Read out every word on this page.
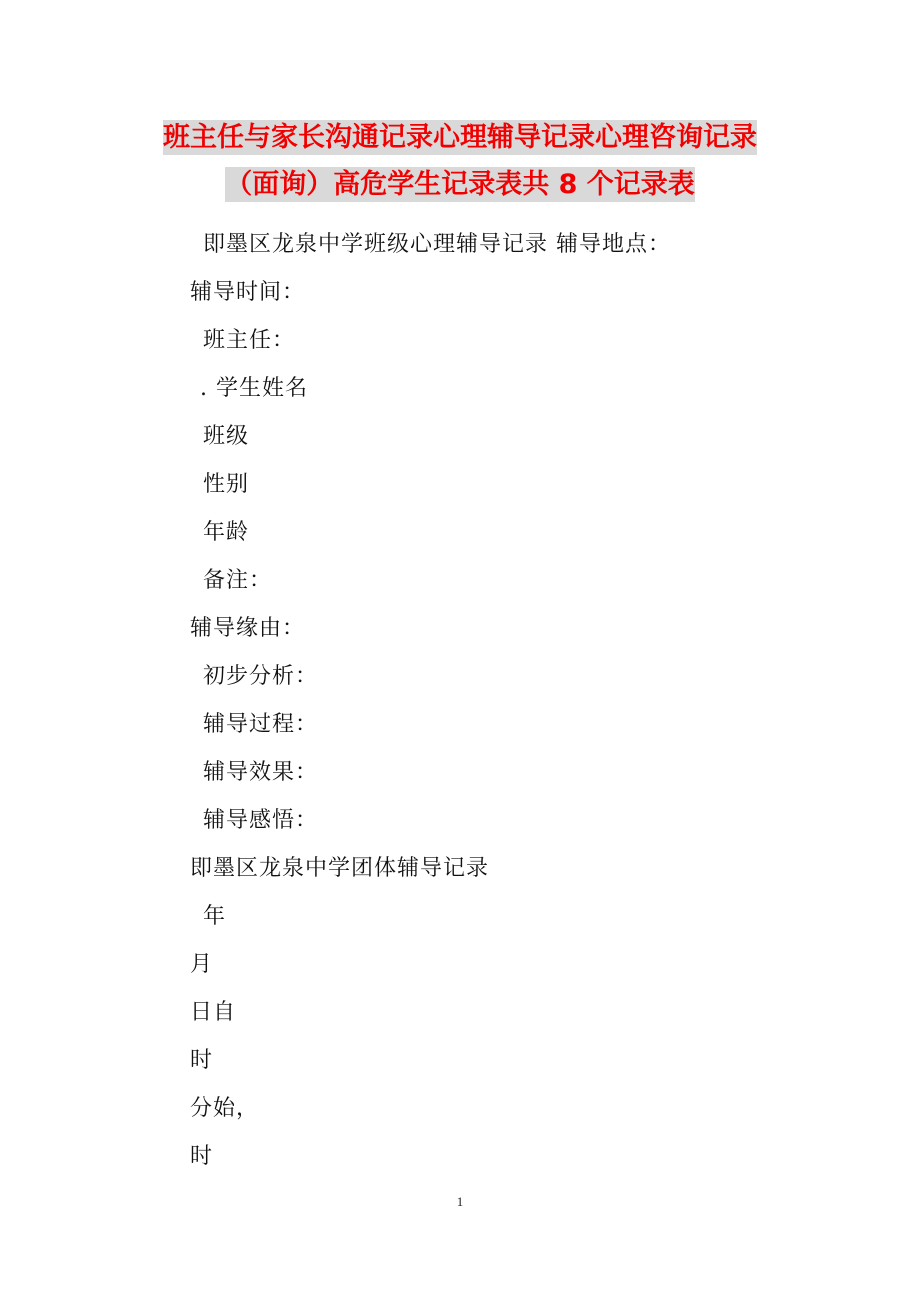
班主任与家长沟通记录心理辅导记录心理咨询记录
（面询）高危学生记录表共 8 个记录表
即墨区龙泉中学班级心理辅导记录 辅导地点：
辅导时间：
班主任：
. 学生姓名
班级
性别
年龄
备注：
辅导缘由：
初步分析：
辅导过程：
辅导效果：
辅导感悟：
即墨区龙泉中学团体辅导记录
年
月
日自
时
分始，
时
1
